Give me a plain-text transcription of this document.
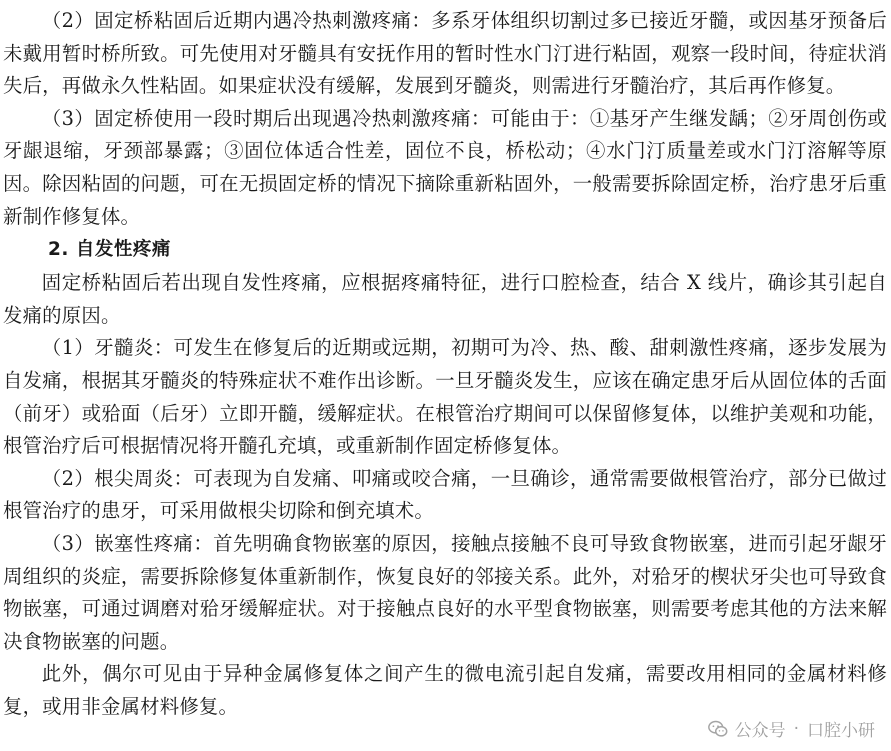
（2）固定桥粘固后近期内遇冷热刺激疼痛：多系牙体组织切割过多已接近牙髓，或因基牙预备后未戴用暂时桥所致。可先使用对牙髓具有安抚作用的暂时性水门汀进行粘固，观察一段时间，待症状消失后，再做永久性粘固。如果症状没有缓解，发展到牙髓炎，则需进行牙髓治疗，其后再作修复。

（3）固定桥使用一段时期后出现遇冷热刺激疼痛：可能由于：①基牙产生继发龋；②牙周创伤或牙龈退缩，牙颈部暴露；③固位体适合性差，固位不良，桥松动；④水门汀质量差或水门汀溶解等原因。除因粘固的问题，可在无损固定桥的情况下摘除重新粘固外，一般需要拆除固定桥，治疗患牙后重新制作修复体。

2. 自发性疼痛

固定桥粘固后若出现自发性疼痛，应根据疼痛特征，进行口腔检查，结合 X 线片，确诊其引起自发痛的原因。

（1）牙髓炎：可发生在修复后的近期或远期，初期可为冷、热、酸、甜刺激性疼痛，逐步发展为自发痛，根据其牙髓炎的特殊症状不难作出诊断。一旦牙髓炎发生，应该在确定患牙后从固位体的舌面（前牙）或𬌗面（后牙）立即开髓，缓解症状。在根管治疗期间可以保留修复体，以维护美观和功能，根管治疗后可根据情况将开髓孔充填，或重新制作固定桥修复体。

（2）根尖周炎：可表现为自发痛、叩痛或咬合痛，一旦确诊，通常需要做根管治疗，部分已做过根管治疗的患牙，可采用做根尖切除和倒充填术。

（3）嵌塞性疼痛：首先明确食物嵌塞的原因，接触点接触不良可导致食物嵌塞，进而引起牙龈牙周组织的炎症，需要拆除修复体重新制作，恢复良好的邻接关系。此外，对𬌗牙的楔状牙尖也可导致食物嵌塞，可通过调磨对𬌗牙缓解症状。对于接触点良好的水平型食物嵌塞，则需要考虑其他的方法来解决食物嵌塞的问题。

此外，偶尔可见由于异种金属修复体之间产生的微电流引起自发痛，需要改用相同的金属材料修复，或用非金属材料修复。

公众号 · 口腔小研
